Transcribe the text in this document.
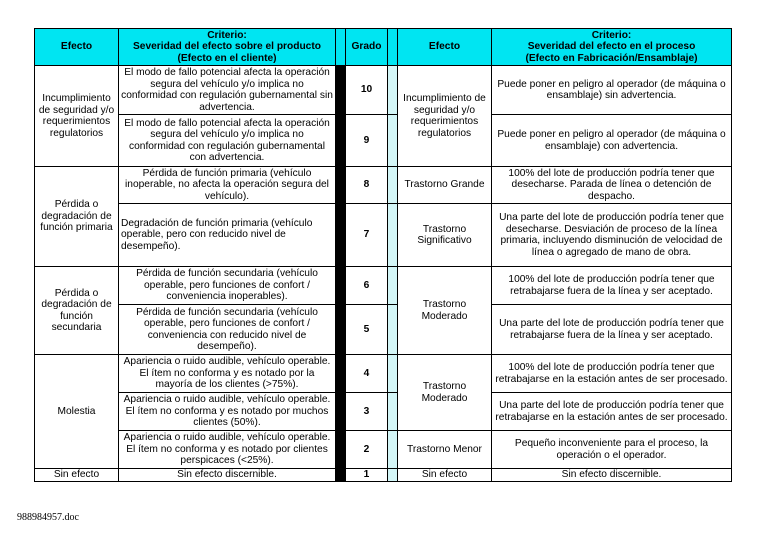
Efecto	Criterio:
Severidad del efecto sobre el producto
(Efecto en el cliente)		Grado		Efecto	Criterio:
Severidad del efecto en el proceso
(Efecto en Fabricación/Ensamblaje)

Incumplimiento de seguridad y/o requerimientos regulatorios	El modo de fallo potencial afecta la operación segura del vehículo y/o implica no conformidad con regulación gubernamental sin advertencia.		10		Incumplimiento de seguridad y/o requerimientos regulatorios	Puede poner en peligro al operador (de máquina o ensamblaje) sin advertencia.
	El modo de fallo potencial afecta la operación segura del vehículo y/o implica no conformidad con regulación gubernamental con advertencia.		9			Puede poner en peligro al operador (de máquina o ensamblaje) con advertencia.
Pérdida o degradación de función primaria	Pérdida de función primaria (vehículo inoperable, no afecta la operación segura del vehículo).		8		Trastorno Grande	100% del lote de producción podría tener que desecharse. Parada de línea o detención de despacho.
	Degradación de función primaria (vehículo operable, pero con reducido nivel de desempeño).		7		Trastorno Significativo	Una parte del lote de producción podría tener que desecharse. Desviación de proceso de la línea primaria, incluyendo disminución de velocidad de línea o agregado de mano de obra.
Pérdida o degradación de función secundaria	Pérdida de función secundaria (vehículo operable, pero funciones de confort / conveniencia inoperables).		6		Trastorno Moderado	100% del lote de producción podría tener que retrabajarse fuera de la línea y ser aceptado.
	Pérdida de función secundaria (vehículo operable, pero funciones de confort / conveniencia con reducido nivel de desempeño).		5			Una parte del lote de producción podría tener que retrabajarse fuera de la línea y ser aceptado.
Molestia	Apariencia o ruido audible, vehículo operable. El ítem no conforma y es notado por la mayoría de los clientes (>75%).		4		Trastorno Moderado	100% del lote de producción podría tener que retrabajarse en la estación antes de ser procesado.
	Apariencia o ruido audible, vehículo operable. El ítem no conforma y es notado por muchos clientes (50%).		3			Una parte del lote de producción podría tener que retrabajarse en la estación antes de ser procesado.
	Apariencia o ruido audible, vehículo operable. El ítem no conforma y es notado por clientes perspicaces (<25%).		2		Trastorno Menor	Pequeño inconveniente para el proceso, la operación o el operador.
Sin efecto	Sin efecto discernible.		1		Sin efecto	Sin efecto discernible.
988984957.doc
